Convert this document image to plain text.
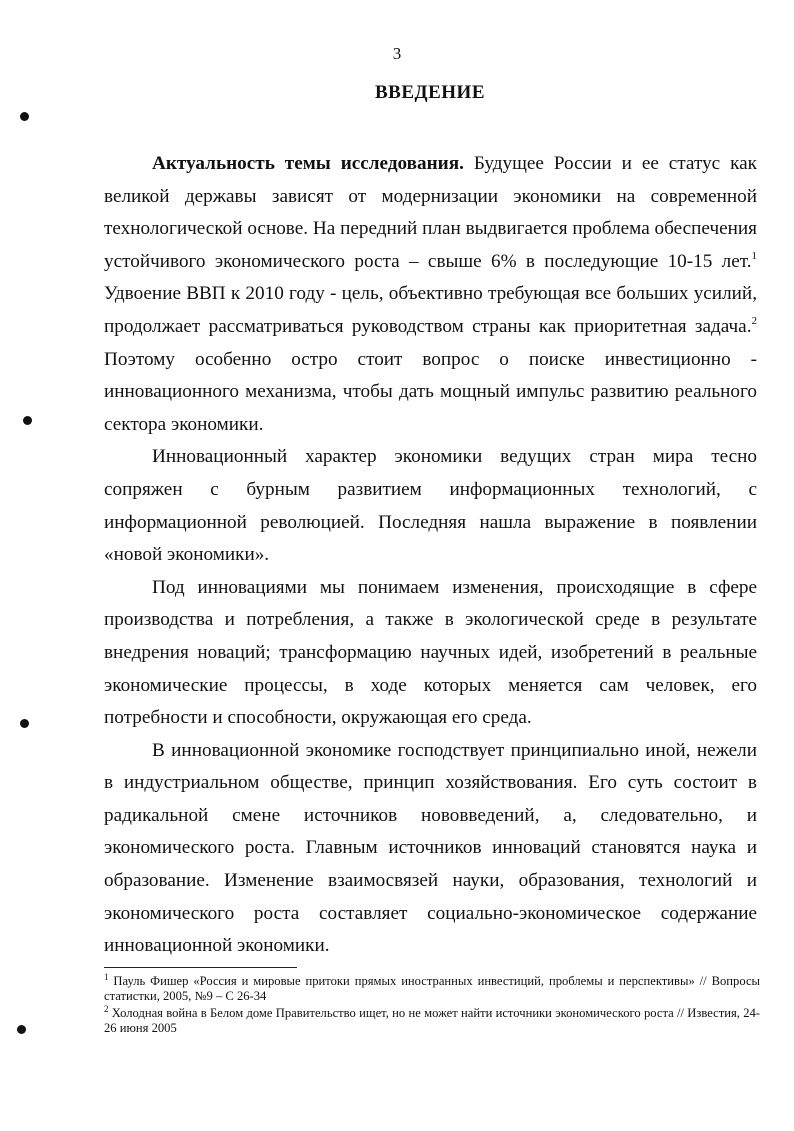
3
ВВЕДЕНИЕ

Актуальность темы исследования. Будущее России и ее статус как великой державы зависят от модернизации экономики на современной технологической основе. На передний план выдвигается проблема обеспечения устойчивого экономического роста – свыше 6% в последующие 10-15 лет.$^1$ Удвоение ВВП к 2010 году - цель, объективно требующая все больших усилий, продолжает рассматриваться руководством страны как приоритетная задача.$^2$ Поэтому особенно остро стоит вопрос о поиске инвестиционно - инновационного механизма, чтобы дать мощный импульс развитию реального сектора экономики.

Инновационный характер экономики ведущих стран мира тесно сопряжен с бурным развитием информационных технологий, с информационной революцией. Последняя нашла выражение в появлении «новой экономики».

Под инновациями мы понимаем изменения, происходящие в сфере производства и потребления, а также в экологической среде в результате внедрения новаций; трансформацию научных идей, изобретений в реальные экономические процессы, в ходе которых меняется сам человек, его потребности и способности, окружающая его среда.

В инновационной экономике господствует принципиально иной, нежели в индустриальном обществе, принцип хозяйствования. Его суть состоит в радикальной смене источников нововведений, а, следовательно, и экономического роста. Главным источников инноваций становятся наука и образование. Изменение взаимосвязей науки, образования, технологий и экономического роста составляет социально-экономическое содержание инновационной экономики.

$^1$ Пауль Фишер «Россия и мировые притоки прямых иностранных инвестиций, проблемы и перспективы» // Вопросы статистки, 2005, №9 – С 26-34

$^2$ Холодная война в Белом доме Правительство ищет, но не может найти источники экономического роста // Известия, 24-26 июня 2005
